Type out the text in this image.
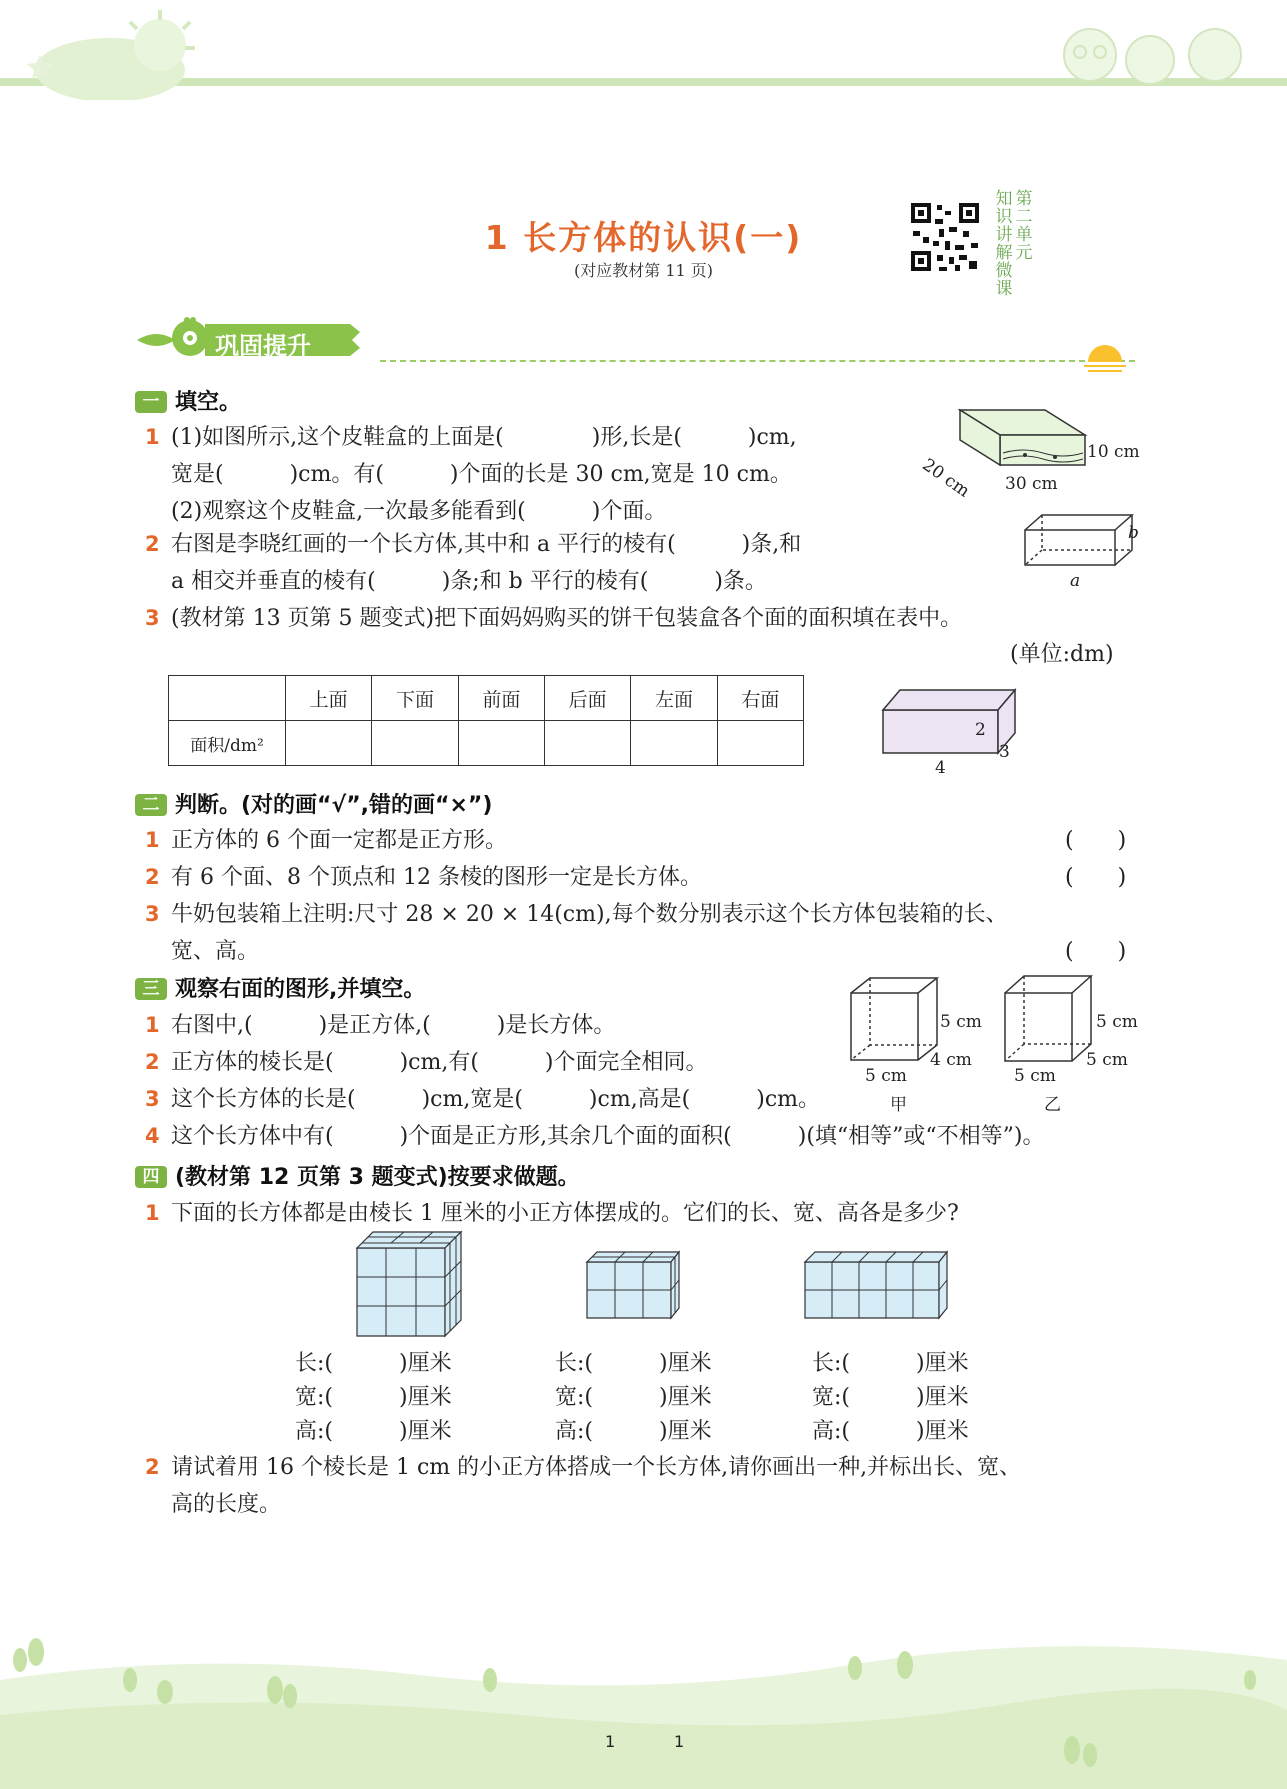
1 长方体的认识(一)
(对应教材第 11 页)
知
识
讲
解
微
课
第
二
单
元
巩固提升
一 填空。
1 (1)如图所示,这个皮鞋盒的上面是(　　　　)形,长是(　　　)cm,
宽是(　　　)cm。有(　　　)个面的长是 30 cm,宽是 10 cm。
(2)观察这个皮鞋盒,一次最多能看到(　　　)个面。
10 cm
20 cm 30 cm
2 右图是李晓红画的一个长方体,其中和 a 平行的棱有(　　　)条,和
a 相交并垂直的棱有(　　　)条;和 b 平行的棱有(　　　)条。
b
a
3 (教材第 13 页第 5 题变式)把下面妈妈购买的饼干包装盒各个面的面积填在表中。
(单位:dm)
	上面	下面	前面	后面	左面	右面
面积/dm²						
2
3
4
二 判断。(对的画“√”,错的画“×”)
1 正方体的 6 个面一定都是正方形。	(　　)
2 有 6 个面、8 个顶点和 12 条棱的图形一定是长方体。	(　　)
3 牛奶包装箱上注明:尺寸 28 × 20 × 14(cm),每个数分别表示这个长方体包装箱的长、
宽、高。	(　　)
三 观察右面的图形,并填空。
1 右图中,(　　　)是正方体,(　　　)是长方体。
2 正方体的棱长是(　　　)cm,有(　　　)个面完全相同。
3 这个长方体的长是(　　　)cm,宽是(　　　)cm,高是(　　　)cm。
4 这个长方体中有(　　　)个面是正方形,其余几个面的面积(　　　)(填“相等”或“不相等”)。
5 cm
4 cm
5 cm
甲
5 cm
5 cm
5 cm
乙
四 (教材第 12 页第 3 题变式)按要求做题。
1 下面的长方体都是由棱长 1 厘米的小正方体摆成的。它们的长、宽、高各是多少?
长:(　　　)厘米
宽:(　　　)厘米
高:(　　　)厘米
长:(　　　)厘米
宽:(　　　)厘米
高:(　　　)厘米
长:(　　　)厘米
宽:(　　　)厘米
高:(　　　)厘米
2 请试着用 16 个棱长是 1 cm 的小正方体搭成一个长方体,请你画出一种,并标出长、宽、
高的长度。
1	1
